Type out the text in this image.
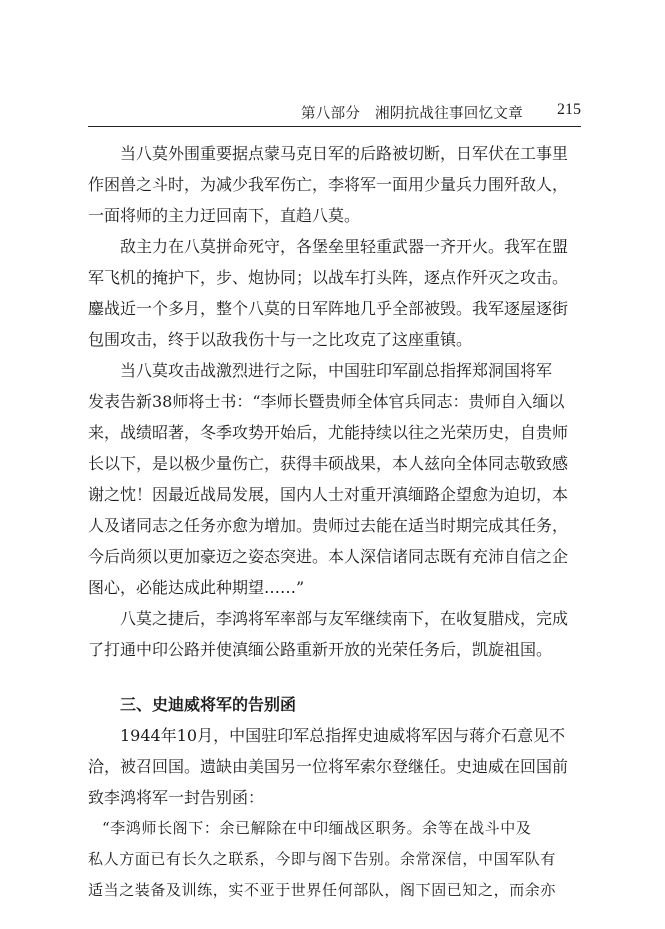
第八部分　湘阴抗战往事回忆文章 215
当八莫外围重要据点蒙马克日军的后路被切断，日军伏在工事里
作困兽之斗时，为减少我军伤亡，李将军一面用少量兵力围歼敌人，
一面将师的主力迂回南下，直趋八莫。
敌主力在八莫拼命死守，各堡垒里轻重武器一齐开火。我军在盟
军飞机的掩护下，步、炮协同；以战车打头阵，逐点作歼灭之攻击。
鏖战近一个多月，整个八莫的日军阵地几乎全部被毁。我军逐屋逐街
包围攻击，终于以敌我伤十与一之比攻克了这座重镇。
当八莫攻击战激烈进行之际，中国驻印军副总指挥郑洞国将军
发表告新38师将士书：“李师长暨贵师全体官兵同志：贵师自入缅以
来，战绩昭著，冬季攻势开始后，尤能持续以往之光荣历史，自贵师
长以下，是以极少量伤亡，获得丰硕战果，本人兹向全体同志敬致感
谢之忱！因最近战局发展，国内人士对重开滇缅路企望愈为迫切，本
人及诸同志之任务亦愈为增加。贵师过去能在适当时期完成其任务，
今后尚须以更加豪迈之姿态突进。本人深信诸同志既有充沛自信之企
图心，必能达成此种期望……”
八莫之捷后，李鸿将军率部与友军继续南下，在收复腊戍，完成
了打通中印公路并使滇缅公路重新开放的光荣任务后，凯旋祖国。
三、史迪威将军的告别函
1944年10月，中国驻印军总指挥史迪威将军因与蒋介石意见不
洽，被召回国。遗缺由美国另一位将军索尔登继任。史迪威在回国前
致李鸿将军一封告别函：
“李鸿师长阁下：余已解除在中印缅战区职务。余等在战斗中及
私人方面已有长久之联系，今即与阁下告别。余常深信，中国军队有
适当之装备及训练，实不亚于世界任何部队，阁下固已知之，而余亦
